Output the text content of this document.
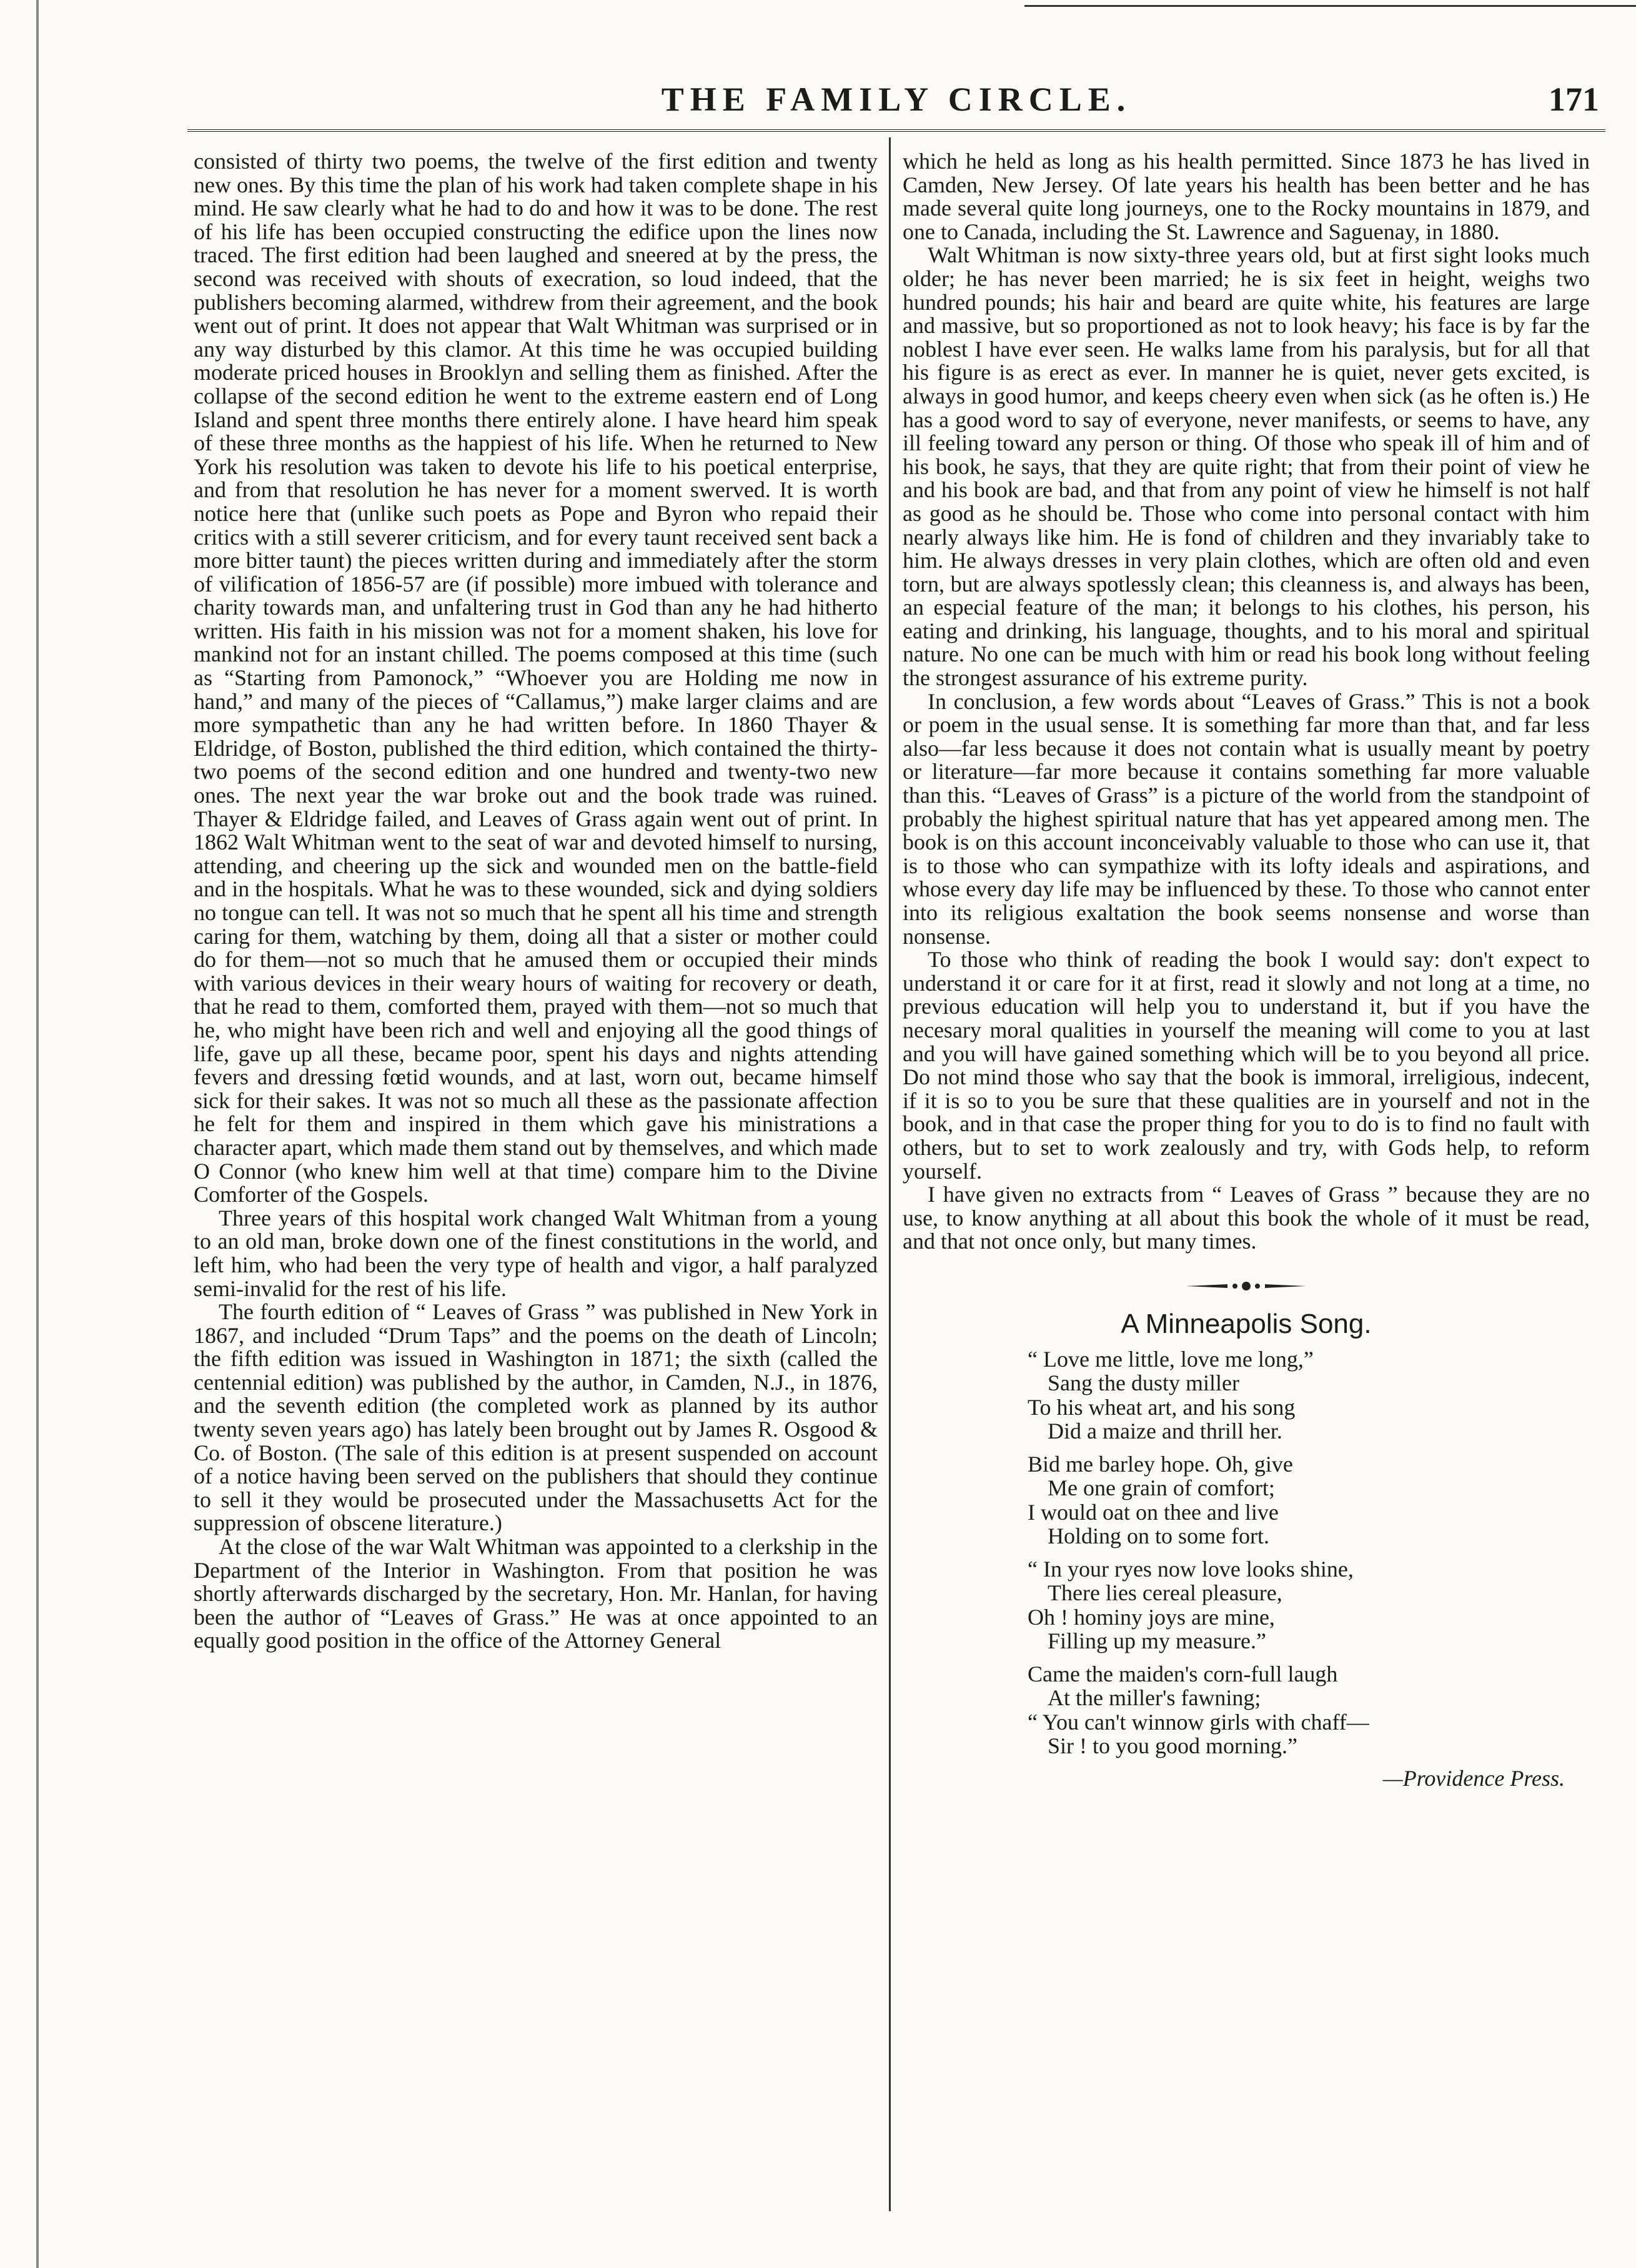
THE FAMILY CIRCLE.	171

consisted of thirty two poems, the twelve of the first edition and twenty new ones. By this time the plan of his work had taken complete shape in his mind. He saw clearly what he had to do and how it was to be done. The rest of his life has been occupied constructing the edifice upon the lines now traced. The first edition had been laughed and sneered at by the press, the second was received with shouts of execration, so loud indeed, that the publishers becoming alarmed, withdrew from their agreement, and the book went out of print. It does not appear that Walt Whitman was surprised or in any way disturbed by this clamor. At this time he was occupied building moderate priced houses in Brooklyn and selling them as finished. After the collapse of the second edition he went to the extreme eastern end of Long Island and spent three months there entirely alone. I have heard him speak of these three months as the happiest of his life. When he returned to New York his resolution was taken to devote his life to his poetical enterprise, and from that resolution he has never for a moment swerved. It is worth notice here that (unlike such poets as Pope and Byron who repaid their critics with a still severer criticism, and for every taunt received sent back a more bitter taunt) the pieces written during and immediately after the storm of vilification of 1856-57 are (if possible) more imbued with tolerance and charity towards man, and unfaltering trust in God than any he had hitherto written. His faith in his mission was not for a moment shaken, his love for mankind not for an instant chilled. The poems composed at this time (such as “Starting from Pamonock,” “Whoever you are Holding me now in hand,” and many of the pieces of “Callamus,”) make larger claims and are more sympathetic than any he had written before. In 1860 Thayer & Eldridge, of Boston, published the third edition, which contained the thirty-two poems of the second edition and one hundred and twenty-two new ones. The next year the war broke out and the book trade was ruined. Thayer & Eldridge failed, and Leaves of Grass again went out of print. In 1862 Walt Whitman went to the seat of war and devoted himself to nursing, attending, and cheering up the sick and wounded men on the battle-field and in the hospitals. What he was to these wounded, sick and dying soldiers no tongue can tell. It was not so much that he spent all his time and strength caring for them, watching by them, doing all that a sister or mother could do for them—not so much that he amused them or occupied their minds with various devices in their weary hours of waiting for recovery or death, that he read to them, comforted them, prayed with them—not so much that he, who might have been rich and well and enjoying all the good things of life, gave up all these, became poor, spent his days and nights attending fevers and dressing fœtid wounds, and at last, worn out, became himself sick for their sakes. It was not so much all these as the passionate affection he felt for them and inspired in them which gave his ministrations a character apart, which made them stand out by themselves, and which made O Connor (who knew him well at that time) compare him to the Divine Comforter of the Gospels.

Three years of this hospital work changed Walt Whitman from a young to an old man, broke down one of the finest constitutions in the world, and left him, who had been the very type of health and vigor, a half paralyzed semi-invalid for the rest of his life.

The fourth edition of “ Leaves of Grass ” was published in New York in 1867, and included “Drum Taps” and the poems on the death of Lincoln; the fifth edition was issued in Washington in 1871; the sixth (called the centennial edition) was published by the author, in Camden, N.J., in 1876, and the seventh edition (the completed work as planned by its author twenty seven years ago) has lately been brought out by James R. Osgood & Co. of Boston. (The sale of this edition is at present suspended on account of a notice having been served on the publishers that should they continue to sell it they would be prosecuted under the Massachusetts Act for the suppression of obscene literature.)

At the close of the war Walt Whitman was appointed to a clerkship in the Department of the Interior in Washington. From that position he was shortly afterwards discharged by the secretary, Hon. Mr. Hanlan, for having been the author of “Leaves of Grass.” He was at once appointed to an equally good position in the office of the Attorney General

which he held as long as his health permitted. Since 1873 he has lived in Camden, New Jersey. Of late years his health has been better and he has made several quite long journeys, one to the Rocky mountains in 1879, and one to Canada, including the St. Lawrence and Saguenay, in 1880.

Walt Whitman is now sixty-three years old, but at first sight looks much older; he has never been married; he is six feet in height, weighs two hundred pounds; his hair and beard are quite white, his features are large and massive, but so proportioned as not to look heavy; his face is by far the noblest I have ever seen. He walks lame from his paralysis, but for all that his figure is as erect as ever. In manner he is quiet, never gets excited, is always in good humor, and keeps cheery even when sick (as he often is.) He has a good word to say of everyone, never manifests, or seems to have, any ill feeling toward any person or thing. Of those who speak ill of him and of his book, he says, that they are quite right; that from their point of view he and his book are bad, and that from any point of view he himself is not half as good as he should be. Those who come into personal contact with him nearly always like him. He is fond of children and they invariably take to him. He always dresses in very plain clothes, which are often old and even torn, but are always spotlessly clean; this cleanness is, and always has been, an especial feature of the man; it belongs to his clothes, his person, his eating and drinking, his language, thoughts, and to his moral and spiritual nature. No one can be much with him or read his book long without feeling the strongest assurance of his extreme purity.

In conclusion, a few words about “Leaves of Grass.” This is not a book or poem in the usual sense. It is something far more than that, and far less also—far less because it does not contain what is usually meant by poetry or literature—far more because it contains something far more valuable than this. “Leaves of Grass” is a picture of the world from the standpoint of probably the highest spiritual nature that has yet appeared among men. The book is on this account inconceivably valuable to those who can use it, that is to those who can sympathize with its lofty ideals and aspirations, and whose every day life may be influenced by these. To those who cannot enter into its religious exaltation the book seems nonsense and worse than nonsense.

To those who think of reading the book I would say: don't expect to understand it or care for it at first, read it slowly and not long at a time, no previous education will help you to understand it, but if you have the necesary moral qualities in yourself the meaning will come to you at last and you will have gained something which will be to you beyond all price. Do not mind those who say that the book is immoral, irreligious, indecent, if it is so to you be sure that these qualities are in yourself and not in the book, and in that case the proper thing for you to do is to find no fault with others, but to set to work zealously and try, with Gods help, to reform yourself.

I have given no extracts from “ Leaves of Grass ” because they are no use, to know anything at all about this book the whole of it must be read, and that not once only, but many times.

A Minneapolis Song.
“ Love me little, love me long,”
Sang the dusty miller
To his wheat art, and his song
Did a maize and thrill her.
Bid me barley hope. Oh, give
Me one grain of comfort;
I would oat on thee and live
Holding on to some fort.
“ In your ryes now love looks shine,
There lies cereal pleasure,
Oh ! hominy joys are mine,
Filling up my measure.”
Came the maiden's corn-full laugh
At the miller's fawning;
“ You can't winnow girls with chaff—
Sir ! to you good morning.”
—Providence Press.
